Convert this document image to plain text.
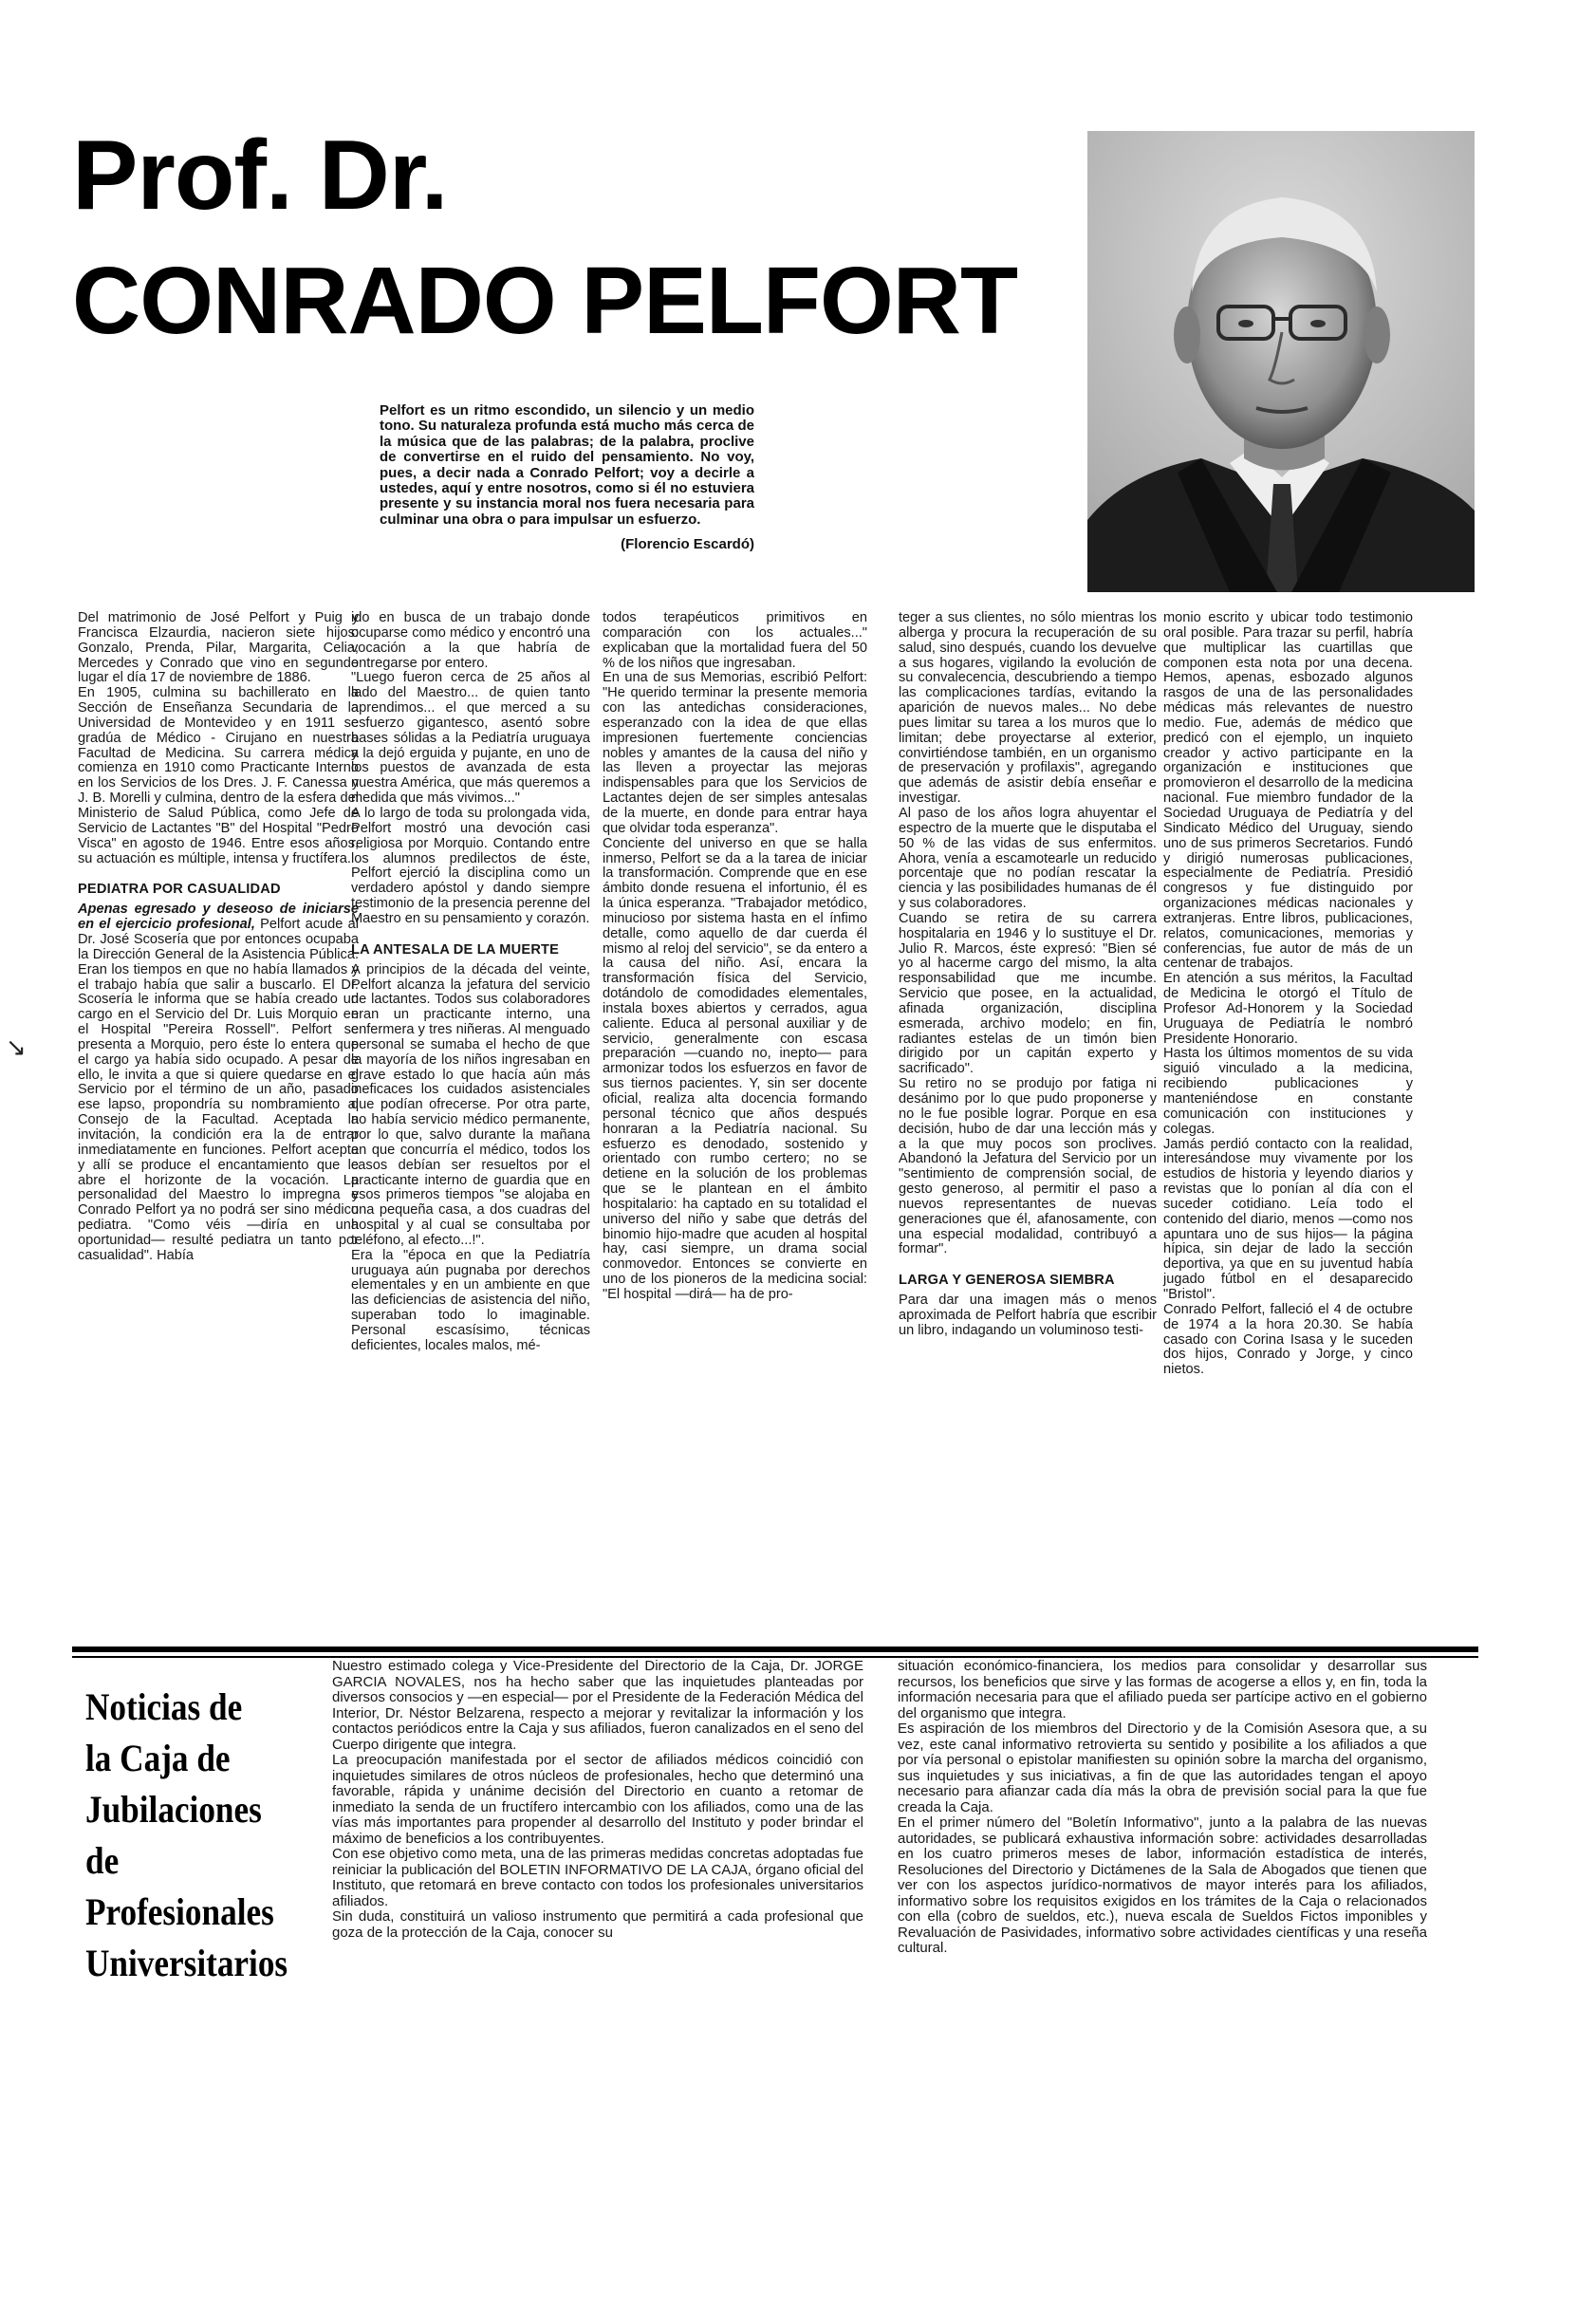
Prof. Dr.
CONRADO PELFORT

Pelfort es un ritmo escondido, un silencio y un medio tono. Su naturaleza profunda está mucho más cerca de la música que de las palabras; de la palabra, proclive de convertirse en el ruido del pensamiento. No voy, pues, a decir nada a Conrado Pelfort; voy a decirle a ustedes, aquí y entre nosotros, como si él no estuviera presente y su instancia moral nos fuera necesaria para culminar una obra o para impulsar un esfuerzo.

(Florencio Escardó)

Del matrimonio de José Pelfort y Puig y Francisca Elzaurdia, nacieron siete hijos: Gonzalo, Prenda, Pilar, Margarita, Celia, Mercedes y Conrado que vino en segundo lugar el día 17 de noviembre de 1886.

En 1905, culmina su bachillerato en la Sección de Enseñanza Secundaria de la Universidad de Montevideo y en 1911 se gradúa de Médico - Cirujano en nuestra Facultad de Medicina. Su carrera médica comienza en 1910 como Practicante Interno en los Servicios de los Dres. J. F. Canessa y J. B. Morelli y culmina, dentro de la esfera del Ministerio de Salud Pública, como Jefe de Servicio de Lactantes "B" del Hospital "Pedro Visca" en agosto de 1946. Entre esos años, su actuación es múltiple, intensa y fructífera.

PEDIATRA POR CASUALIDAD

Apenas egresado y deseoso de iniciarse en el ejercicio profesional, Pelfort acude al Dr. José Scosería que por entonces ocupaba la Dirección General de la Asistencia Pública. Eran los tiempos en que no había llamados y el trabajo había que salir a buscarlo. El Dr. Scosería le informa que se había creado un cargo en el Servicio del Dr. Luis Morquio en el Hospital "Pereira Rossell". Pelfort se presenta a Morquio, pero éste lo entera que el cargo ya había sido ocupado. A pesar de ello, le invita a que si quiere quedarse en el Servicio por el término de un año, pasado ese lapso, propondría su nombramiento al Consejo de la Facultad. Aceptada la invitación, la condición era la de entrar inmediatamente en funciones. Pelfort acepta y allí se produce el encantamiento que le abre el horizonte de la vocación. La personalidad del Maestro lo impregna y Conrado Pelfort ya no podrá ser sino médico pediatra. "Como véis —diría en una oportunidad— resulté pediatra un tanto por casualidad". Había

ido en busca de un trabajo donde ocuparse como médico y encontró una vocación a la que habría de entregarse por entero.

"Luego fueron cerca de 25 años al lado del Maestro... de quien tanto aprendimos... el que merced a su esfuerzo gigantesco, asentó sobre bases sólidas a la Pediatría uruguaya y la dejó erguida y pujante, en uno de los puestos de avanzada de esta nuestra América, que más queremos a medida que más vivimos..."

A lo largo de toda su prolongada vida, Pelfort mostró una devoción casi religiosa por Morquio. Contando entre los alumnos predilectos de éste, Pelfort ejerció la disciplina como un verdadero apóstol y dando siempre testimonio de la presencia perenne del Maestro en su pensamiento y corazón.

LA ANTESALA DE LA MUERTE

A principios de la década del veinte, Pelfort alcanza la jefatura del servicio de lactantes. Todos sus colaboradores eran un practicante interno, una enfermera y tres niñeras. Al menguado personal se sumaba el hecho de que la mayoría de los niños ingresaban en grave estado lo que hacía aún más ineficaces los cuidados asistenciales que podían ofrecerse. Por otra parte, no había servicio médico permanente, por lo que, salvo durante la mañana en que concurría el médico, todos los casos debían ser resueltos por el practicante interno de guardia que en esos primeros tiempos "se alojaba en una pequeña casa, a dos cuadras del hospital y al cual se consultaba por teléfono, al efecto...!".

Era la "época en que la Pediatría uruguaya aún pugnaba por derechos elementales y en un ambiente en que las deficiencias de asistencia del niño, superaban todo lo imaginable. Personal escasísimo, técnicas deficientes, locales malos, mé-

todos terapéuticos primitivos en comparación con los actuales..." explicaban que la mortalidad fuera del 50 % de los niños que ingresaban.

En una de sus Memorias, escribió Pelfort: "He querido terminar la presente memoria con las antedichas consideraciones, esperanzado con la idea de que ellas impresionen fuertemente conciencias nobles y amantes de la causa del niño y las lleven a proyectar las mejoras indispensables para que los Servicios de Lactantes dejen de ser simples antesalas de la muerte, en donde para entrar haya que olvidar toda esperanza".

Conciente del universo en que se halla inmerso, Pelfort se da a la tarea de iniciar la transformación. Comprende que en ese ámbito donde resuena el infortunio, él es la única esperanza. "Trabajador metódico, minucioso por sistema hasta en el ínfimo detalle, como aquello de dar cuerda él mismo al reloj del servicio", se da entero a la causa del niño. Así, encara la transformación física del Servicio, dotándolo de comodidades elementales, instala boxes abiertos y cerrados, agua caliente. Educa al personal auxiliar y de servicio, generalmente con escasa preparación —cuando no, inepto— para armonizar todos los esfuerzos en favor de sus tiernos pacientes. Y, sin ser docente oficial, realiza alta docencia formando personal técnico que años después honraran a la Pediatría nacional. Su esfuerzo es denodado, sostenido y orientado con rumbo certero; no se detiene en la solución de los problemas que se le plantean en el ámbito hospitalario: ha captado en su totalidad el universo del niño y sabe que detrás del binomio hijo-madre que acuden al hospital hay, casi siempre, un drama social conmovedor. Entonces se convierte en uno de los pioneros de la medicina social: "El hospital —dirá— ha de pro-

teger a sus clientes, no sólo mientras los alberga y procura la recuperación de su salud, sino después, cuando los devuelve a sus hogares, vigilando la evolución de su convalecencia, descubriendo a tiempo las complicaciones tardías, evitando la aparición de nuevos males... No debe pues limitar su tarea a los muros que lo limitan; debe proyectarse al exterior, convirtiéndose también, en un organismo de preservación y profilaxis", agregando que además de asistir debía enseñar e investigar.

Al paso de los años logra ahuyentar el espectro de la muerte que le disputaba el 50 % de las vidas de sus enfermitos. Ahora, venía a escamotearle un reducido porcentaje que no podían rescatar la ciencia y las posibilidades humanas de él y sus colaboradores.

Cuando se retira de su carrera hospitalaria en 1946 y lo sustituye el Dr. Julio R. Marcos, éste expresó: "Bien sé yo al hacerme cargo del mismo, la alta responsabilidad que me incumbe. Servicio que posee, en la actualidad, afinada organización, disciplina esmerada, archivo modelo; en fin, radiantes estelas de un timón bien dirigido por un capitán experto y sacrificado".

Su retiro no se produjo por fatiga ni desánimo por lo que pudo proponerse y no le fue posible lograr. Porque en esa decisión, hubo de dar una lección más y a la que muy pocos son proclives. Abandonó la Jefatura del Servicio por un "sentimiento de comprensión social, de gesto generoso, al permitir el paso a nuevos representantes de nuevas generaciones que él, afanosamente, con una especial modalidad, contribuyó a formar".

LARGA Y GENEROSA SIEMBRA

Para dar una imagen más o menos aproximada de Pelfort habría que escribir un libro, indagando un voluminoso testi-

monio escrito y ubicar todo testimonio oral posible. Para trazar su perfil, habría que multiplicar las cuartillas que componen esta nota por una decena. Hemos, apenas, esbozado algunos rasgos de una de las personalidades médicas más relevantes de nuestro medio. Fue, además de médico que predicó con el ejemplo, un inquieto creador y activo participante en la organización e instituciones que promovieron el desarrollo de la medicina nacional. Fue miembro fundador de la Sociedad Uruguaya de Pediatría y del Sindicato Médico del Uruguay, siendo uno de sus primeros Secretarios. Fundó y dirigió numerosas publicaciones, especialmente de Pediatría. Presidió congresos y fue distinguido por organizaciones médicas nacionales y extranjeras. Entre libros, publicaciones, relatos, comunicaciones, memorias y conferencias, fue autor de más de un centenar de trabajos.

En atención a sus méritos, la Facultad de Medicina le otorgó el Título de Profesor Ad-Honorem y la Sociedad Uruguaya de Pediatría le nombró Presidente Honorario.

Hasta los últimos momentos de su vida siguió vinculado a la medicina, recibiendo publicaciones y manteniéndose en constante comunicación con instituciones y colegas.

Jamás perdió contacto con la realidad, interesándose muy vivamente por los estudios de historia y leyendo diarios y revistas que lo ponían al día con el suceder cotidiano. Leía todo el contenido del diario, menos —como nos apuntara uno de sus hijos— la página hípica, sin dejar de lado la sección deportiva, ya que en su juventud había jugado fútbol en el desaparecido "Bristol".

Conrado Pelfort, falleció el 4 de octubre de 1974 a la hora 20.30. Se había casado con Corina Isasa y le suceden dos hijos, Conrado y Jorge, y cinco nietos.

↘
Noticias de
la Caja de
Jubilaciones
de
Profesionales
Universitarios

Nuestro estimado colega y Vice-Presidente del Directorio de la Caja, Dr. JORGE GARCIA NOVALES, nos ha hecho saber que las inquietudes planteadas por diversos consocios y —en especial— por el Presidente de la Federación Médica del Interior, Dr. Néstor Belzarena, respecto a mejorar y revitalizar la información y los contactos periódicos entre la Caja y sus afiliados, fueron canalizados en el seno del Cuerpo dirigente que integra.

La preocupación manifestada por el sector de afiliados médicos coincidió con inquietudes similares de otros núcleos de profesionales, hecho que determinó una favorable, rápida y unánime decisión del Directorio en cuanto a retomar de inmediato la senda de un fructífero intercambio con los afiliados, como una de las vías más importantes para propender al desarrollo del Instituto y poder brindar el máximo de beneficios a los contribuyentes.

Con ese objetivo como meta, una de las primeras medidas concretas adoptadas fue reiniciar la publicación del BOLETIN INFORMATIVO DE LA CAJA, órgano oficial del Instituto, que retomará en breve contacto con todos los profesionales universitarios afiliados.

Sin duda, constituirá un valioso instrumento que permitirá a cada profesional que goza de la protección de la Caja, conocer su

situación económico-financiera, los medios para consolidar y desarrollar sus recursos, los beneficios que sirve y las formas de acogerse a ellos y, en fin, toda la información necesaria para que el afiliado pueda ser partícipe activo en el gobierno del organismo que integra.

Es aspiración de los miembros del Directorio y de la Comisión Asesora que, a su vez, este canal informativo retrovierta su sentido y posibilite a los afiliados a que por vía personal o epistolar manifiesten su opinión sobre la marcha del organismo, sus inquietudes y sus iniciativas, a fin de que las autoridades tengan el apoyo necesario para afianzar cada día más la obra de previsión social para la que fue creada la Caja.

En el primer número del "Boletín Informativo", junto a la palabra de las nuevas autoridades, se publicará exhaustiva información sobre: actividades desarrolladas en los cuatro primeros meses de labor, información estadística de interés, Resoluciones del Directorio y Dictámenes de la Sala de Abogados que tienen que ver con los aspectos jurídico-normativos de mayor interés para los afiliados, informativo sobre los requisitos exigidos en los trámites de la Caja o relacionados con ella (cobro de sueldos, etc.), nueva escala de Sueldos Fictos imponibles y Revaluación de Pasividades, informativo sobre actividades científicas y una reseña cultural.
